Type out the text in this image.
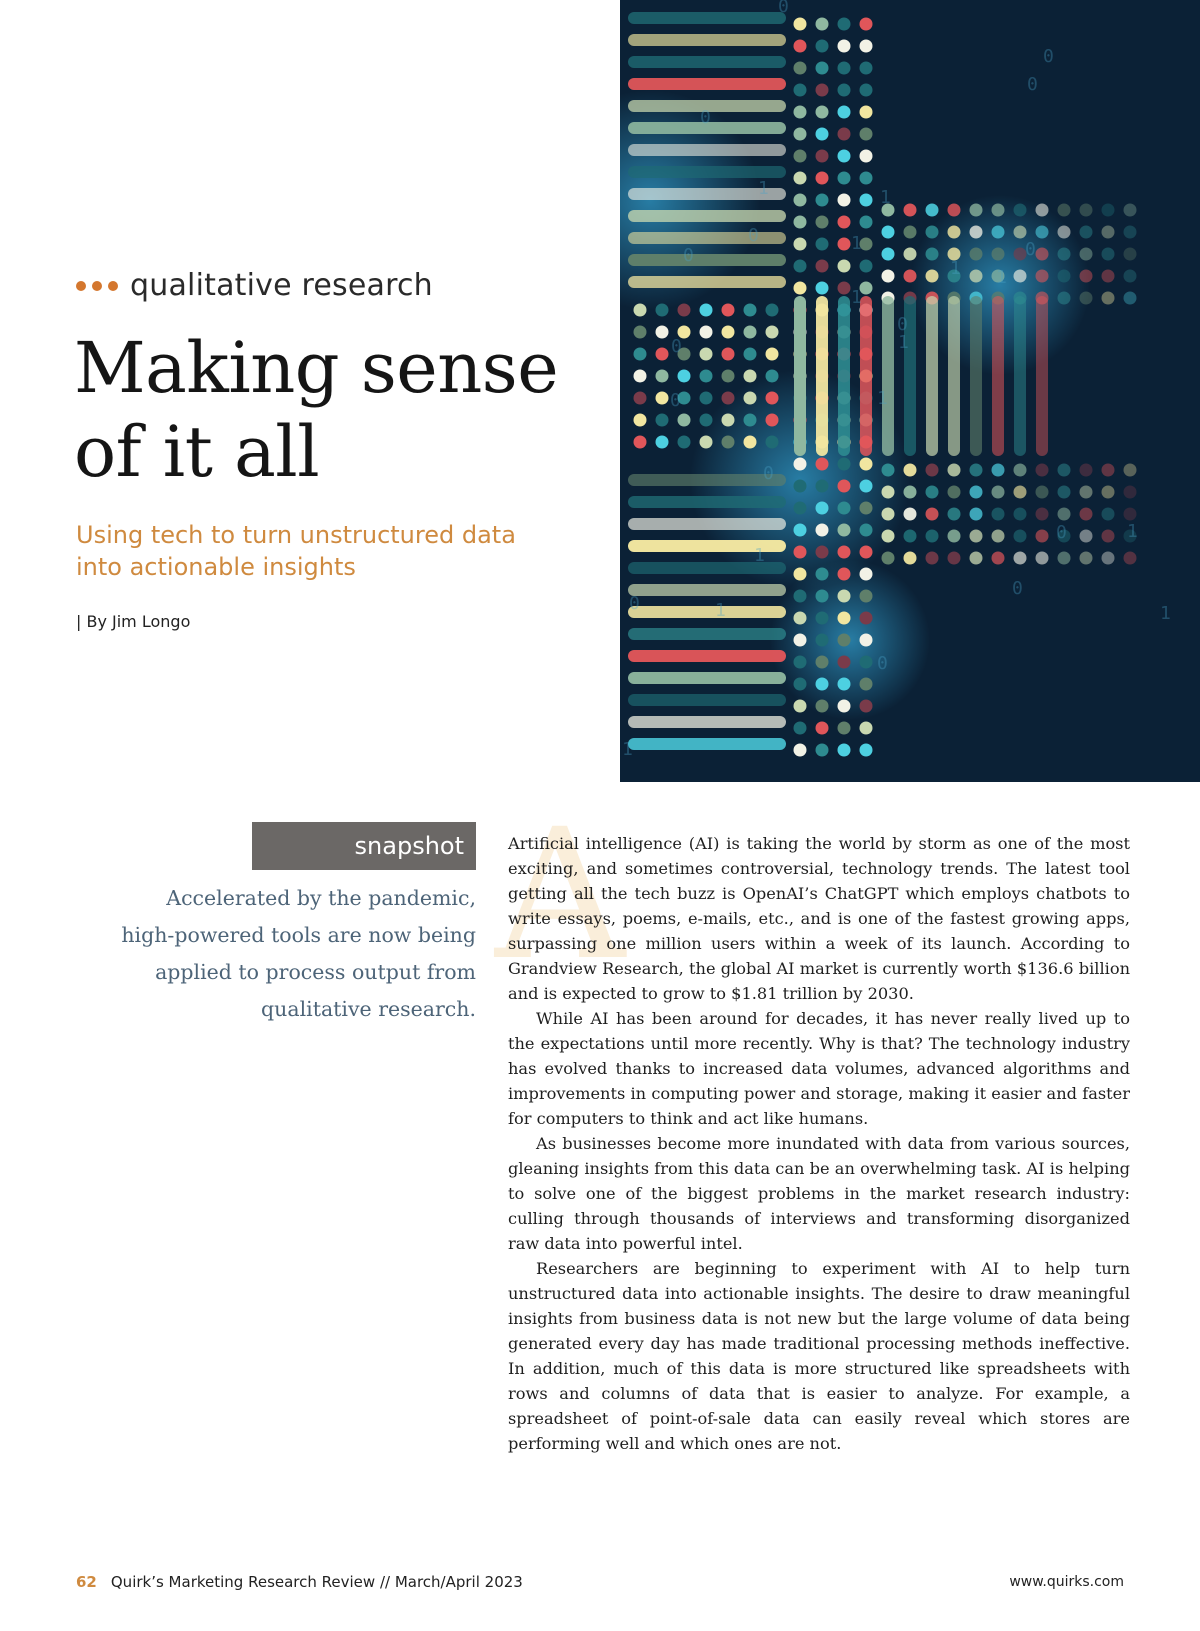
qualitative research
Making sense of it all

Using tech to turn unstructured data into actionable insights

| By Jim Longo
0
0
1
1
1
1
0
0
0
0
0
0
0
0
1
0
0
1
0
1
1
1
1
0
0
1
1
1
snapshot

Accelerated by the pandemic, high-powered tools are now being applied to process output from qualitative research.

A

Artificial intelligence (AI) is taking the world by storm as one of the most exciting, and sometimes controversial, technology trends. The latest tool getting all the tech buzz is OpenAI’s ChatGPT which employs chatbots to write essays, poems, e-mails, etc., and is one of the fastest growing apps, surpassing one million users within a week of its launch. According to Grandview Research, the global AI market is currently worth $136.6 billion and is expected to grow to $1.81 trillion by 2030.

While AI has been around for decades, it has never really lived up to the expectations until more recently. Why is that? The technology industry has evolved thanks to increased data volumes, advanced algorithms and improvements in computing power and storage, making it easier and faster for computers to think and act like humans.

As businesses become more inundated with data from various sources, gleaning insights from this data can be an overwhelming task. AI is helping to solve one of the biggest problems in the market research industry: culling through thousands of interviews and transforming disorganized raw data into powerful intel.

Researchers are beginning to experiment with AI to help turn unstructured data into actionable insights. The desire to draw meaningful insights from business data is not new but the large volume of data being generated every day has made traditional processing methods ineffective. In addition, much of this data is more structured like spreadsheets with rows and columns of data that is easier to analyze. For example, a spreadsheet of point-of-sale data can easily reveal which stores are performing well and which ones are not.

62 Quirk’s Marketing Research Review // March/April 2023	www.quirks.com
